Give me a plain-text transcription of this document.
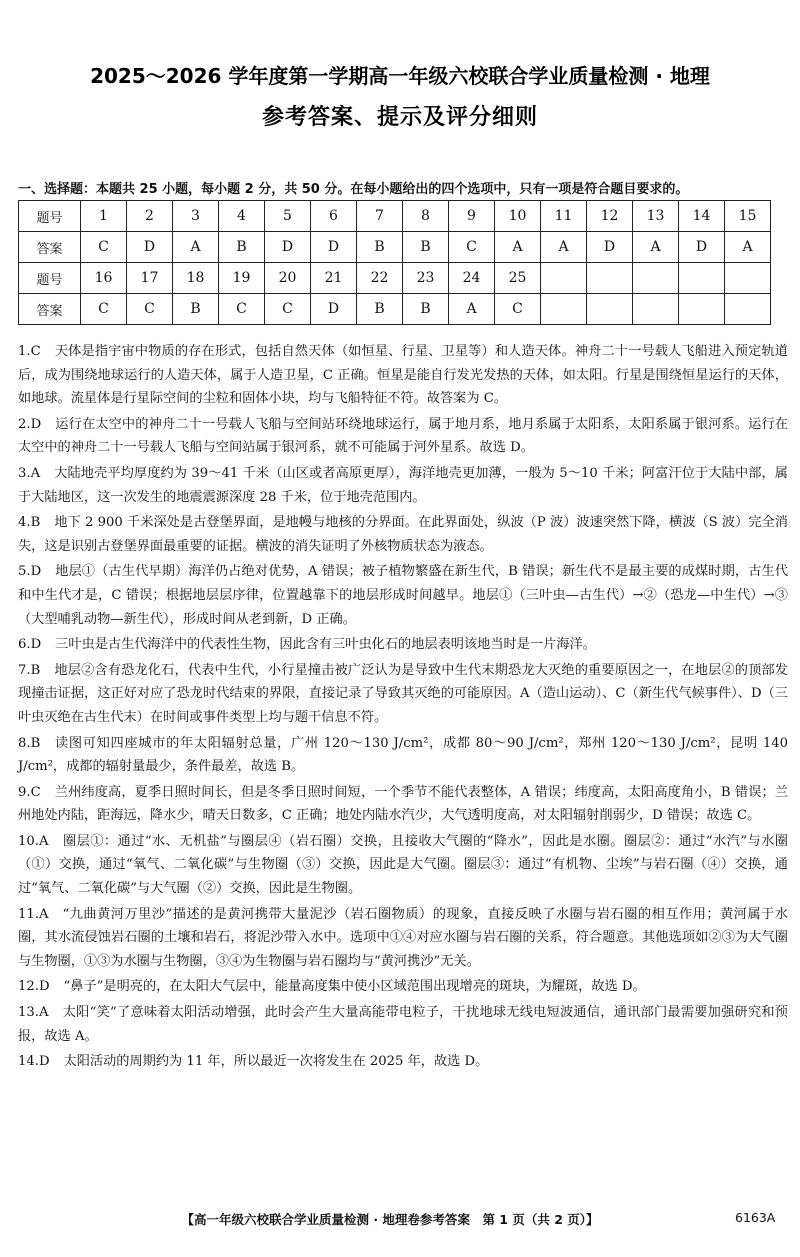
2025～2026 学年度第一学期高一年级六校联合学业质量检测 · 地理
参考答案、提示及评分细则
一、选择题：本题共 25 小题，每小题 2 分，共 50 分。在每小题给出的四个选项中，只有一项是符合题目要求的。
题号	1	2	3	4	5	6	7	8	9	10	11	12	13	14	15
答案	C	D	A	B	D	D	B	B	C	A	A	D	A	D	A
题号	16	17	18	19	20	21	22	23	24	25					
答案	C	C	B	C	C	D	B	B	A	C					
1.C 天体是指宇宙中物质的存在形式，包括自然天体（如恒星、行星、卫星等）和人造天体。神舟二十一号载人飞船进入预定轨道后，成为围绕地球运行的人造天体，属于人造卫星，C 正确。恒星是能自行发光发热的天体，如太阳。行星是围绕恒星运行的天体，如地球。流星体是行星际空间的尘粒和固体小块，均与飞船特征不符。故答案为 C。
2.D 运行在太空中的神舟二十一号载人飞船与空间站环绕地球运行，属于地月系，地月系属于太阳系，太阳系属于银河系。运行在太空中的神舟二十一号载人飞船与空间站属于银河系，就不可能属于河外星系。故选 D。
3.A 大陆地壳平均厚度约为 39～41 千米（山区或者高原更厚），海洋地壳更加薄，一般为 5～10 千米；阿富汗位于大陆中部，属于大陆地区，这一次发生的地震震源深度 28 千米，位于地壳范围内。
4.B 地下 2 900 千米深处是古登堡界面，是地幔与地核的分界面。在此界面处，纵波（P 波）波速突然下降，横波（S 波）完全消失，这是识别古登堡界面最重要的证据。横波的消失证明了外核物质状态为液态。
5.D 地层①（古生代早期）海洋仍占绝对优势，A 错误；被子植物繁盛在新生代，B 错误；新生代不是最主要的成煤时期，古生代和中生代才是，C 错误；根据地层层序律，位置越靠下的地层形成时间越早。地层①（三叶虫—古生代）→②（恐龙—中生代）→③（大型哺乳动物—新生代），形成时间从老到新，D 正确。
6.D 三叶虫是古生代海洋中的代表性生物，因此含有三叶虫化石的地层表明该地当时是一片海洋。
7.B 地层②含有恐龙化石，代表中生代，小行星撞击被广泛认为是导致中生代末期恐龙大灭绝的重要原因之一，在地层②的顶部发现撞击证据，这正好对应了恐龙时代结束的界限，直接记录了导致其灭绝的可能原因。A（造山运动）、C（新生代气候事件）、D（三叶虫灭绝在古生代末）在时间或事件类型上均与题干信息不符。
8.B 读图可知四座城市的年太阳辐射总量，广州 120～130 J/cm²，成都 80～90 J/cm²，郑州 120～130 J/cm²，昆明 140 J/cm²，成都的辐射量最少，条件最差，故选 B。
9.C 兰州纬度高，夏季日照时间长，但是冬季日照时间短，一个季节不能代表整体，A 错误；纬度高，太阳高度角小，B 错误；兰州地处内陆，距海远，降水少，晴天日数多，C 正确；地处内陆水汽少，大气透明度高，对太阳辐射削弱少，D 错误；故选 C。
10.A 圈层①：通过“水、无机盐”与圈层④（岩石圈）交换，且接收大气圈的“降水”，因此是水圈。圈层②：通过“水汽”与水圈（①）交换，通过“氧气、二氧化碳”与生物圈（③）交换，因此是大气圈。圈层③：通过“有机物、尘埃”与岩石圈（④）交换，通过“氧气、二氧化碳”与大气圈（②）交换，因此是生物圈。
11.A “九曲黄河万里沙”描述的是黄河携带大量泥沙（岩石圈物质）的现象，直接反映了水圈与岩石圈的相互作用；黄河属于水圈，其水流侵蚀岩石圈的土壤和岩石，将泥沙带入水中。选项中①④对应水圈与岩石圈的关系，符合题意。其他选项如②③为大气圈与生物圈，①③为水圈与生物圈，③④为生物圈与岩石圈均与“黄河携沙”无关。
12.D “鼻子”是明亮的，在太阳大气层中，能量高度集中使小区域范围出现增亮的斑块，为耀斑，故选 D。
13.A 太阳“笑”了意味着太阳活动增强，此时会产生大量高能带电粒子，干扰地球无线电短波通信，通讯部门最需要加强研究和预报，故选 A。
14.D 太阳活动的周期约为 11 年，所以最近一次将发生在 2025 年，故选 D。
【高一年级六校联合学业质量检测 · 地理卷参考答案　第 1 页（共 2 页）】	6163A
